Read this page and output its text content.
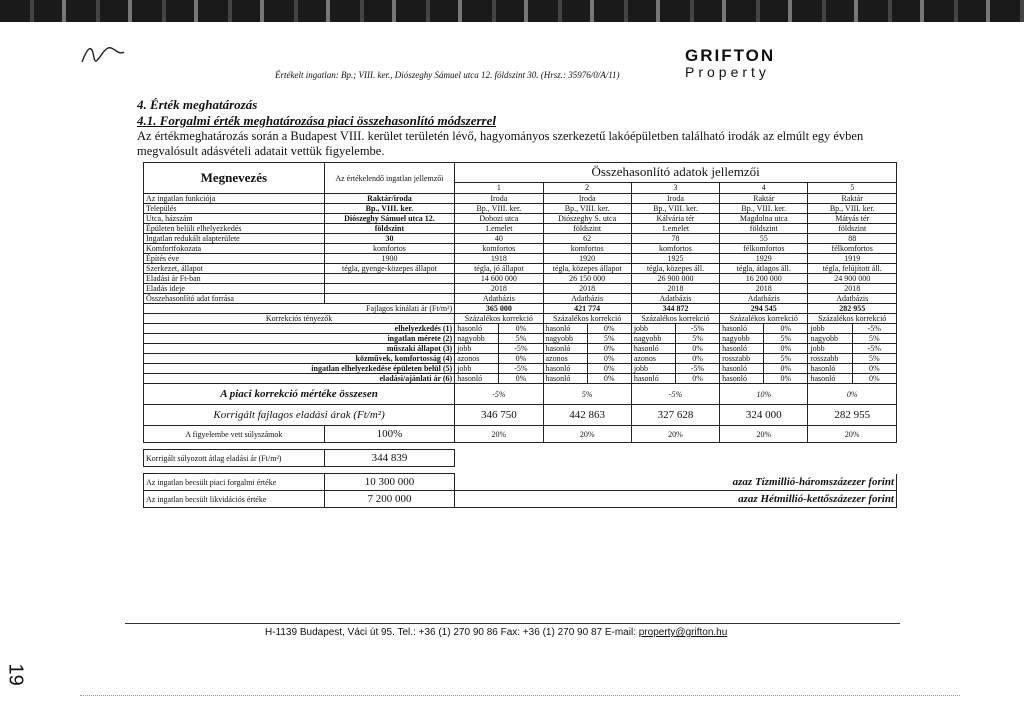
Értékelt ingatlan: Bp.; VIII. ker., Diószeghy Sámuel utca 12. földszint 30. (Hrsz.: 35976/0/A/11)
GRIFTON
Property
4. Érték meghatározás
4.1. Forgalmi érték meghatározása piaci összehasonlító módszerrel
Az értékmeghatározás során a Budapest VIII. kerület területén lévő, hagyományos szerkezetű lakóépületben található irodák az elmúlt egy évben megvalósult adásvételi adatait vettük figyelembe.
Megnevezés	Az értékelendő ingatlan jellemzői	Összehasonlító adatok jellemzői									
		1		2		3		4		5	
Az ingatlan funkciója	Raktár/iroda	Iroda		Iroda		Iroda		Raktár		Raktár	
Település	Bp., VIII. ker.	Bp., VIII. ker.		Bp., VIII. ker.		Bp., VIII. ker.		Bp., VIII. ker.		Bp., VIII. ker.	
Utca, házszám	Diószeghy Sámuel utca 12.	Dobozi utca		Diószeghy S. utca		Kálvária tér		Magdolna utca		Mátyás tér	
Épületen belüli elhelyezkedés	földszint	1.emelet		földszint		1.emelet		földszint		földszint	
Ingatlan redukált alapterülete	30	40		62		78		55		88	
Komfortfokozata	komfortos	komfortos		komfortos		komfortos		félkomfortos		félkomfortos	
Építés éve	1900	1918		1920		1925		1929		1919	
Szerkezet, állapot	tégla, gyenge-közepes állapot	tégla, jó állapot		tégla, közepes állapot		tégla, közepes áll.		tégla, átlagos áll.		tégla, felújított áll.	
Eladási ár Ft-ban		14 600 000		26 150 000		26 900 000		16 200 000		24 900 000	
Eladás ideje		2018		2018		2018		2018		2018	
Összehasonlító adat forrása		Adatbázis		Adatbázis		Adatbázis		Adatbázis		Adatbázis	
Fajlagos kínálati ár (Ft/m²)		365 000		421 774		344 872		294 545		282 955	
Korrekciós tényezők		Százalékos korrekció		Százalékos korrekció		Százalékos korrekció		Százalékos korrekció		Százalékos korrekció	
elhelyezkedés (1)		hasonló	0%	hasonló	0%	jobb	-5%	hasonló	0%	jobb	-5%
ingatlan mérete (2)		nagyobb	5%	nagyobb	5%	nagyobb	5%	nagyobb	5%	nagyobb	5%
műszaki állapot (3)		jobb	-5%	hasonló	0%	hasonló	0%	hasonló	0%	jobb	-5%
közművek, komfortosság (4)		azonos	0%	azonos	0%	azonos	0%	rosszabb	5%	rosszabb	5%
ingatlan elhelyezkedése épületen belül (5)		jobb	-5%	hasonló	0%	jobb	-5%	hasonló	0%	hasonló	0%
eladási/ajánlati ár (6)		hasonló	0%	hasonló	0%	hasonló	0%	hasonló	0%	hasonló	0%
A piaci korrekció mértéke összesen		-5%		5%		-5%		10%		0%	
Korrigált fajlagos eladási árak (Ft/m²)		346 750		442 863		327 628		324 000		282 955	
A figyelembe vett súlyszámok	100%	20%		20%		20%		20%		20%	

Korrigált súlyozott átlag eladási ár (Ft/m²)	344 839										

Az ingatlan becsült piaci forgalmi értéke	10 300 000	azaz Tízmillió-háromszázezer forint									
Az ingatlan becsült likvidációs értéke	7 200 000	azaz Hétmillió-kettőszázezer forint									
H-1139 Budapest, Váci út 95. Tel.: +36 (1) 270 90 86 Fax: +36 (1) 270 90 87 E-mail: property@grifton.hu
19
